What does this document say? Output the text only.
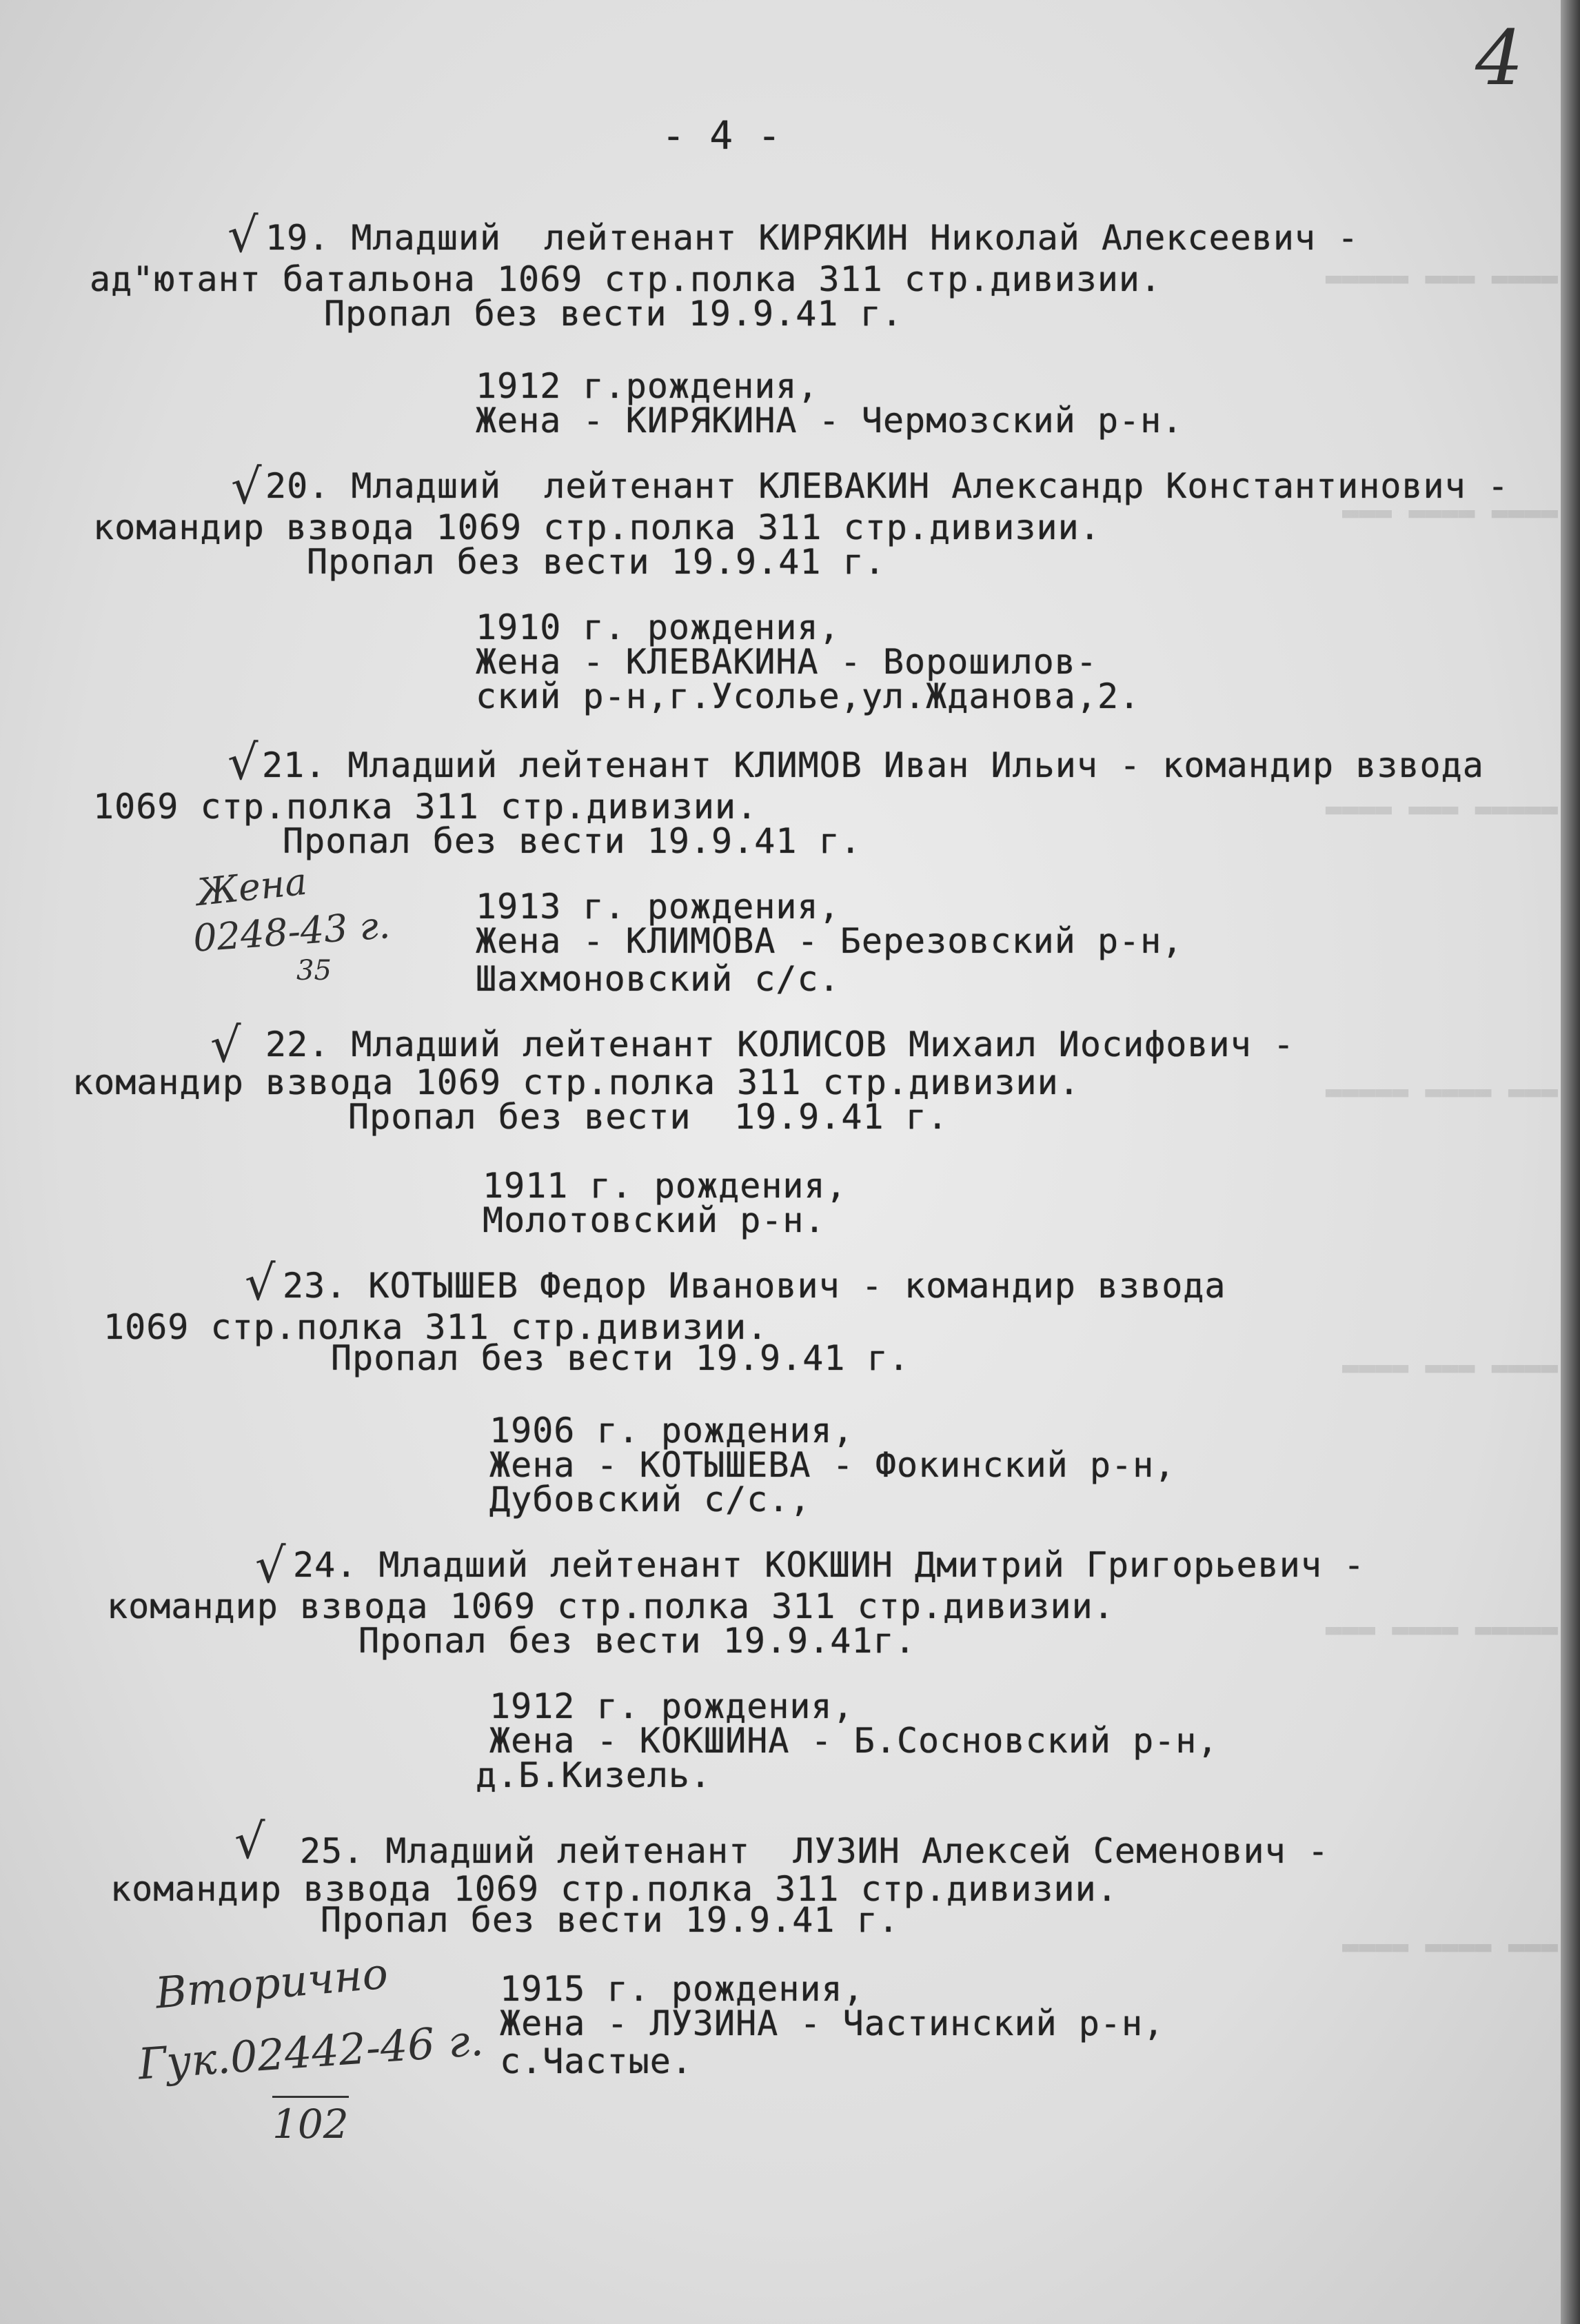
▬▬▬▬ ▬▬▬ ▬▬▬▬▬
▬▬▬▬ ▬▬▬▬ ▬▬▬
▬▬▬▬▬ ▬▬▬ ▬▬▬▬
▬▬▬ ▬▬▬▬ ▬▬▬▬▬
▬▬▬▬ ▬▬▬ ▬▬▬▬
▬▬▬▬▬ ▬▬▬▬ ▬▬▬
▬▬▬ ▬▬▬▬ ▬▬▬▬
4
- 4 -
√ 19. Младший  лейтенант КИРЯКИН Николай Алексеевич -
ад"ютант батальона 1069 стр.полка 311 стр.дивизии.
Пропал без вести 19.9.41 г.
1912 г.рождения,
Жена - КИРЯКИНА - Чермозский р-н.
√ 20. Младший  лейтенант КЛЕВАКИН Александр Константинович -
командир взвода 1069 стр.полка 311 стр.дивизии.
Пропал без вести 19.9.41 г.
1910 г. рождения,
Жена - КЛЕВАКИНА - Ворошилов-
ский р-н,г.Усолье,ул.Жданова,2.
√ 21. Младший лейтенант КЛИМОВ Иван Ильич - командир взвода
1069 стр.полка 311 стр.дивизии.
Пропал без вести 19.9.41 г.
1913 г. рождения,
Жена - КЛИМОВА - Березовский р-н,
Шахмоновский с/с.
Жена
0248-43 г.
35
√ 22. Младший лейтенант КОЛИСОВ Михаил Иосифович -
командир взвода 1069 стр.полка 311 стр.дивизии.
Пропал без вести  19.9.41 г.
1911 г. рождения,
Молотовский р-н.
√ 23. КОТЫШЕВ Федор Иванович - командир взвода
1069 стр.полка 311 стр.дивизии.
Пропал без вести 19.9.41 г.
1906 г. рождения,
Жена - КОТЫШЕВА - Фокинский р-н,
Дубовский с/с.,
√ 24. Младший лейтенант КОКШИН Дмитрий Григорьевич -
командир взвода 1069 стр.полка 311 стр.дивизии.
Пропал без вести 19.9.41г.
1912 г. рождения,
Жена - КОКШИНА - Б.Сосновский р-н,
д.Б.Кизель.
√ 25. Младший лейтенант  ЛУЗИН Алексей Семенович -
командир взвода 1069 стр.полка 311 стр.дивизии.
Пропал без вести 19.9.41 г.
1915 г. рождения,
Жена - ЛУЗИНА - Частинский р-н,
с.Частые.
Вторично
Гук.02442-46 г.
102
